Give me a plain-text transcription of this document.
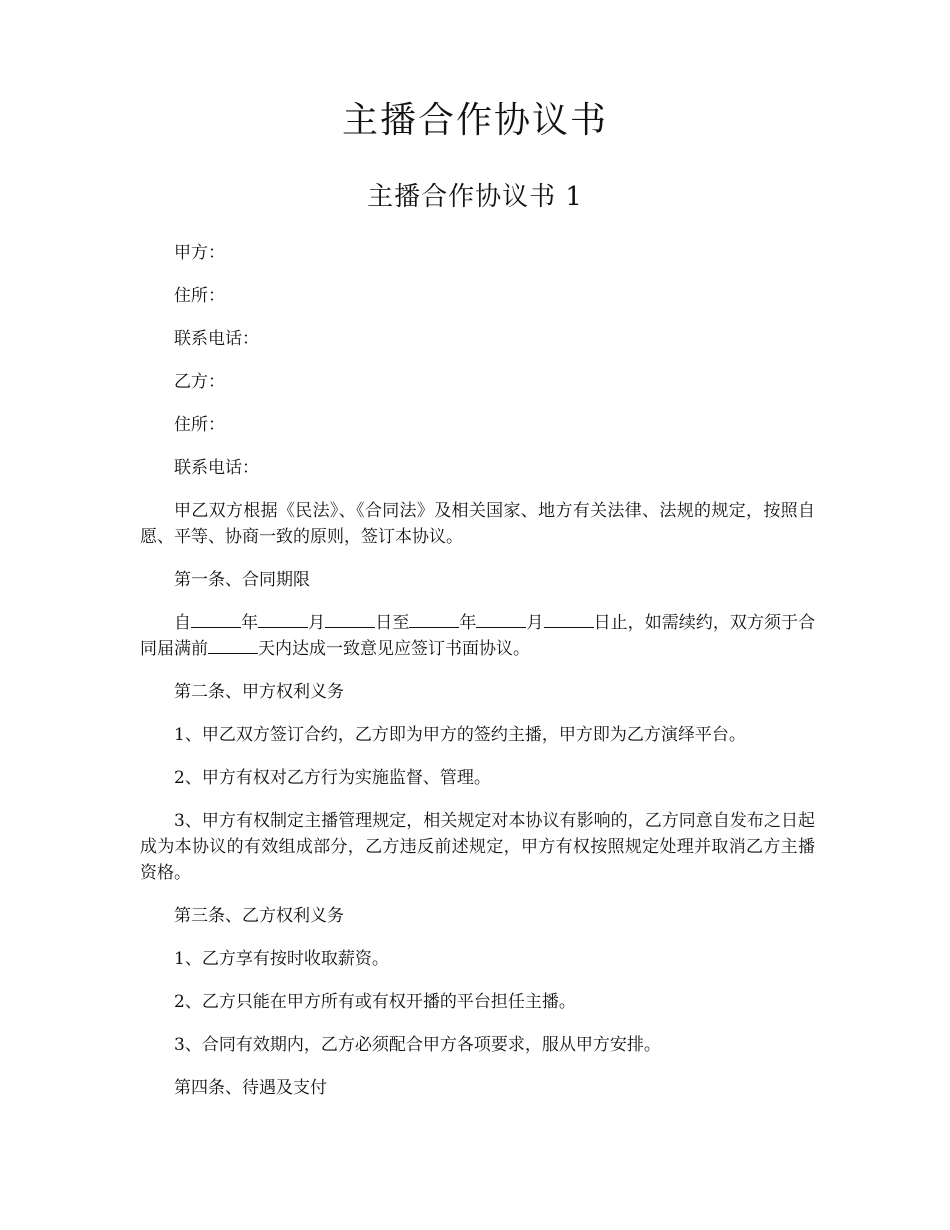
主播合作协议书
主播合作协议书 1

甲方：

住所：

联系电话：

乙方：

住所：

联系电话：

甲乙双方根据《民法》、《合同法》及相关国家、地方有关法律、法规的规定，按照自愿、平等、协商一致的原则，签订本协议。

第一条、合同期限

自	年	月	日至	年	月	日止，如需续约，双方须于合同届满前	天内达成一致意见应签订书面协议。

第二条、甲方权利义务

1、甲乙双方签订合约，乙方即为甲方的签约主播，甲方即为乙方演绎平台。

2、甲方有权对乙方行为实施监督、管理。

3、甲方有权制定主播管理规定，相关规定对本协议有影响的，乙方同意自发布之日起成为本协议的有效组成部分，乙方违反前述规定，甲方有权按照规定处理并取消乙方主播资格。

第三条、乙方权利义务

1、乙方享有按时收取薪资。

2、乙方只能在甲方所有或有权开播的平台担任主播。

3、合同有效期内，乙方必须配合甲方各项要求，服从甲方安排。

第四条、待遇及支付
